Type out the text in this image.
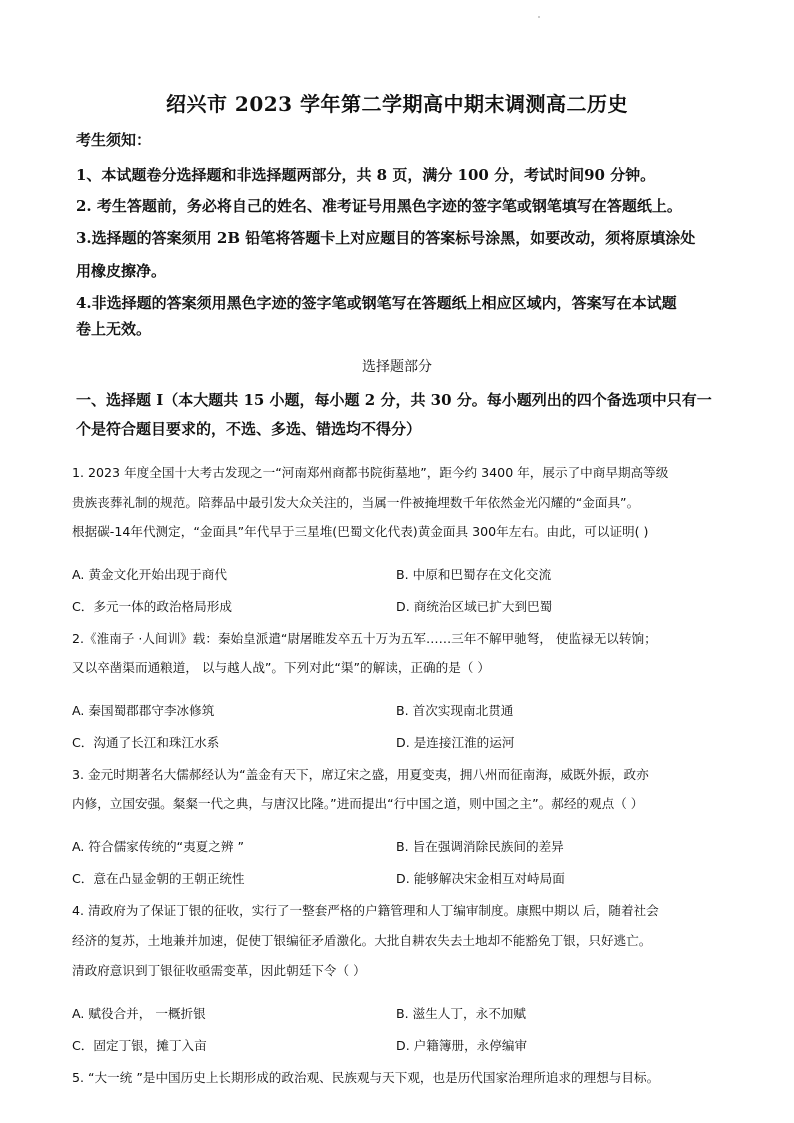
绍兴市 2023 学年第二学期高中期末调测高二历史
考生须知：
1、本试题卷分选择题和非选择题两部分，共 8 页，满分 100 分，考试时间90 分钟。
2. 考生答题前，务必将自己的姓名、准考证号用黑色字迹的签字笔或钢笔填写在答题纸上。
3.选择题的答案须用 2B 铅笔将答题卡上对应题目的答案标号涂黑，如要改动，须将原填涂处
用橡皮擦净。
4.非选择题的答案须用黑色字迹的签字笔或钢笔写在答题纸上相应区域内，答案写在本试题
卷上无效。
选择题部分
一、选择题 I（本大题共 15 小题，每小题 2 分，共 30 分。每小题列出的四个备选项中只有一
个是符合题目要求的，不选、多选、错选均不得分）
1. 2023 年度全国十大考古发现之一“河南郑州商都书院街墓地”，距今约 3400 年，展示了中商早期高等级
贵族丧葬礼制的规范。陪葬品中最引发大众关注的，当属一件被掩埋数千年依然金光闪耀的“金面具”。
根据碳-14年代测定，“金面具”年代早于三星堆(巴蜀文化代表)黄金面具 300年左右。由此，可以证明( )
A. 黄金文化开始出现于商代	B. 中原和巴蜀存在文化交流
C．多元一体的政治格局形成	D. 商统治区域已扩大到巴蜀
2.《淮南子 ·人间训》载：秦始皇派遣“尉屠睢发卒五十万为五军……三年不解甲驰弩， 使监禄无以转饷；
又以卒凿渠而通粮道， 以与越人战”。下列对此“渠”的解读，正确的是（ ）
A. 秦国蜀郡郡守李冰修筑	B. 首次实现南北贯通
C．沟通了长江和珠江水系	D. 是连接江淮的运河
3. 金元时期著名大儒郝经认为“盖金有天下，席辽宋之盛，用夏变夷，拥八州而征南海，威既外振，政亦
内修，立国安强。粲粲一代之典，与唐汉比隆。”进而提出“行中国之道，则中国之主”。郝经的观点（ ）
A. 符合儒家传统的“夷夏之辨 ”	B. 旨在强调消除民族间的差异
C．意在凸显金朝的王朝正统性	D. 能够解决宋金相互对峙局面
4. 清政府为了保证丁银的征收，实行了一整套严格的户籍管理和人丁编审制度。康熙中期以 后，随着社会
经济的复苏，土地兼并加速，促使丁银编征矛盾激化。大批自耕农失去土地却不能豁免丁银，只好逃亡。
清政府意识到丁银征收亟需变革，因此朝廷下令（ ）
A. 赋役合并， 一概折银	B. 滋生人丁，永不加赋
C．固定丁银，摊丁入亩	D. 户籍簿册，永停编审
5. “大一统 ”是中国历史上长期形成的政治观、民族观与天下观，也是历代国家治理所追求的理想与目标。
